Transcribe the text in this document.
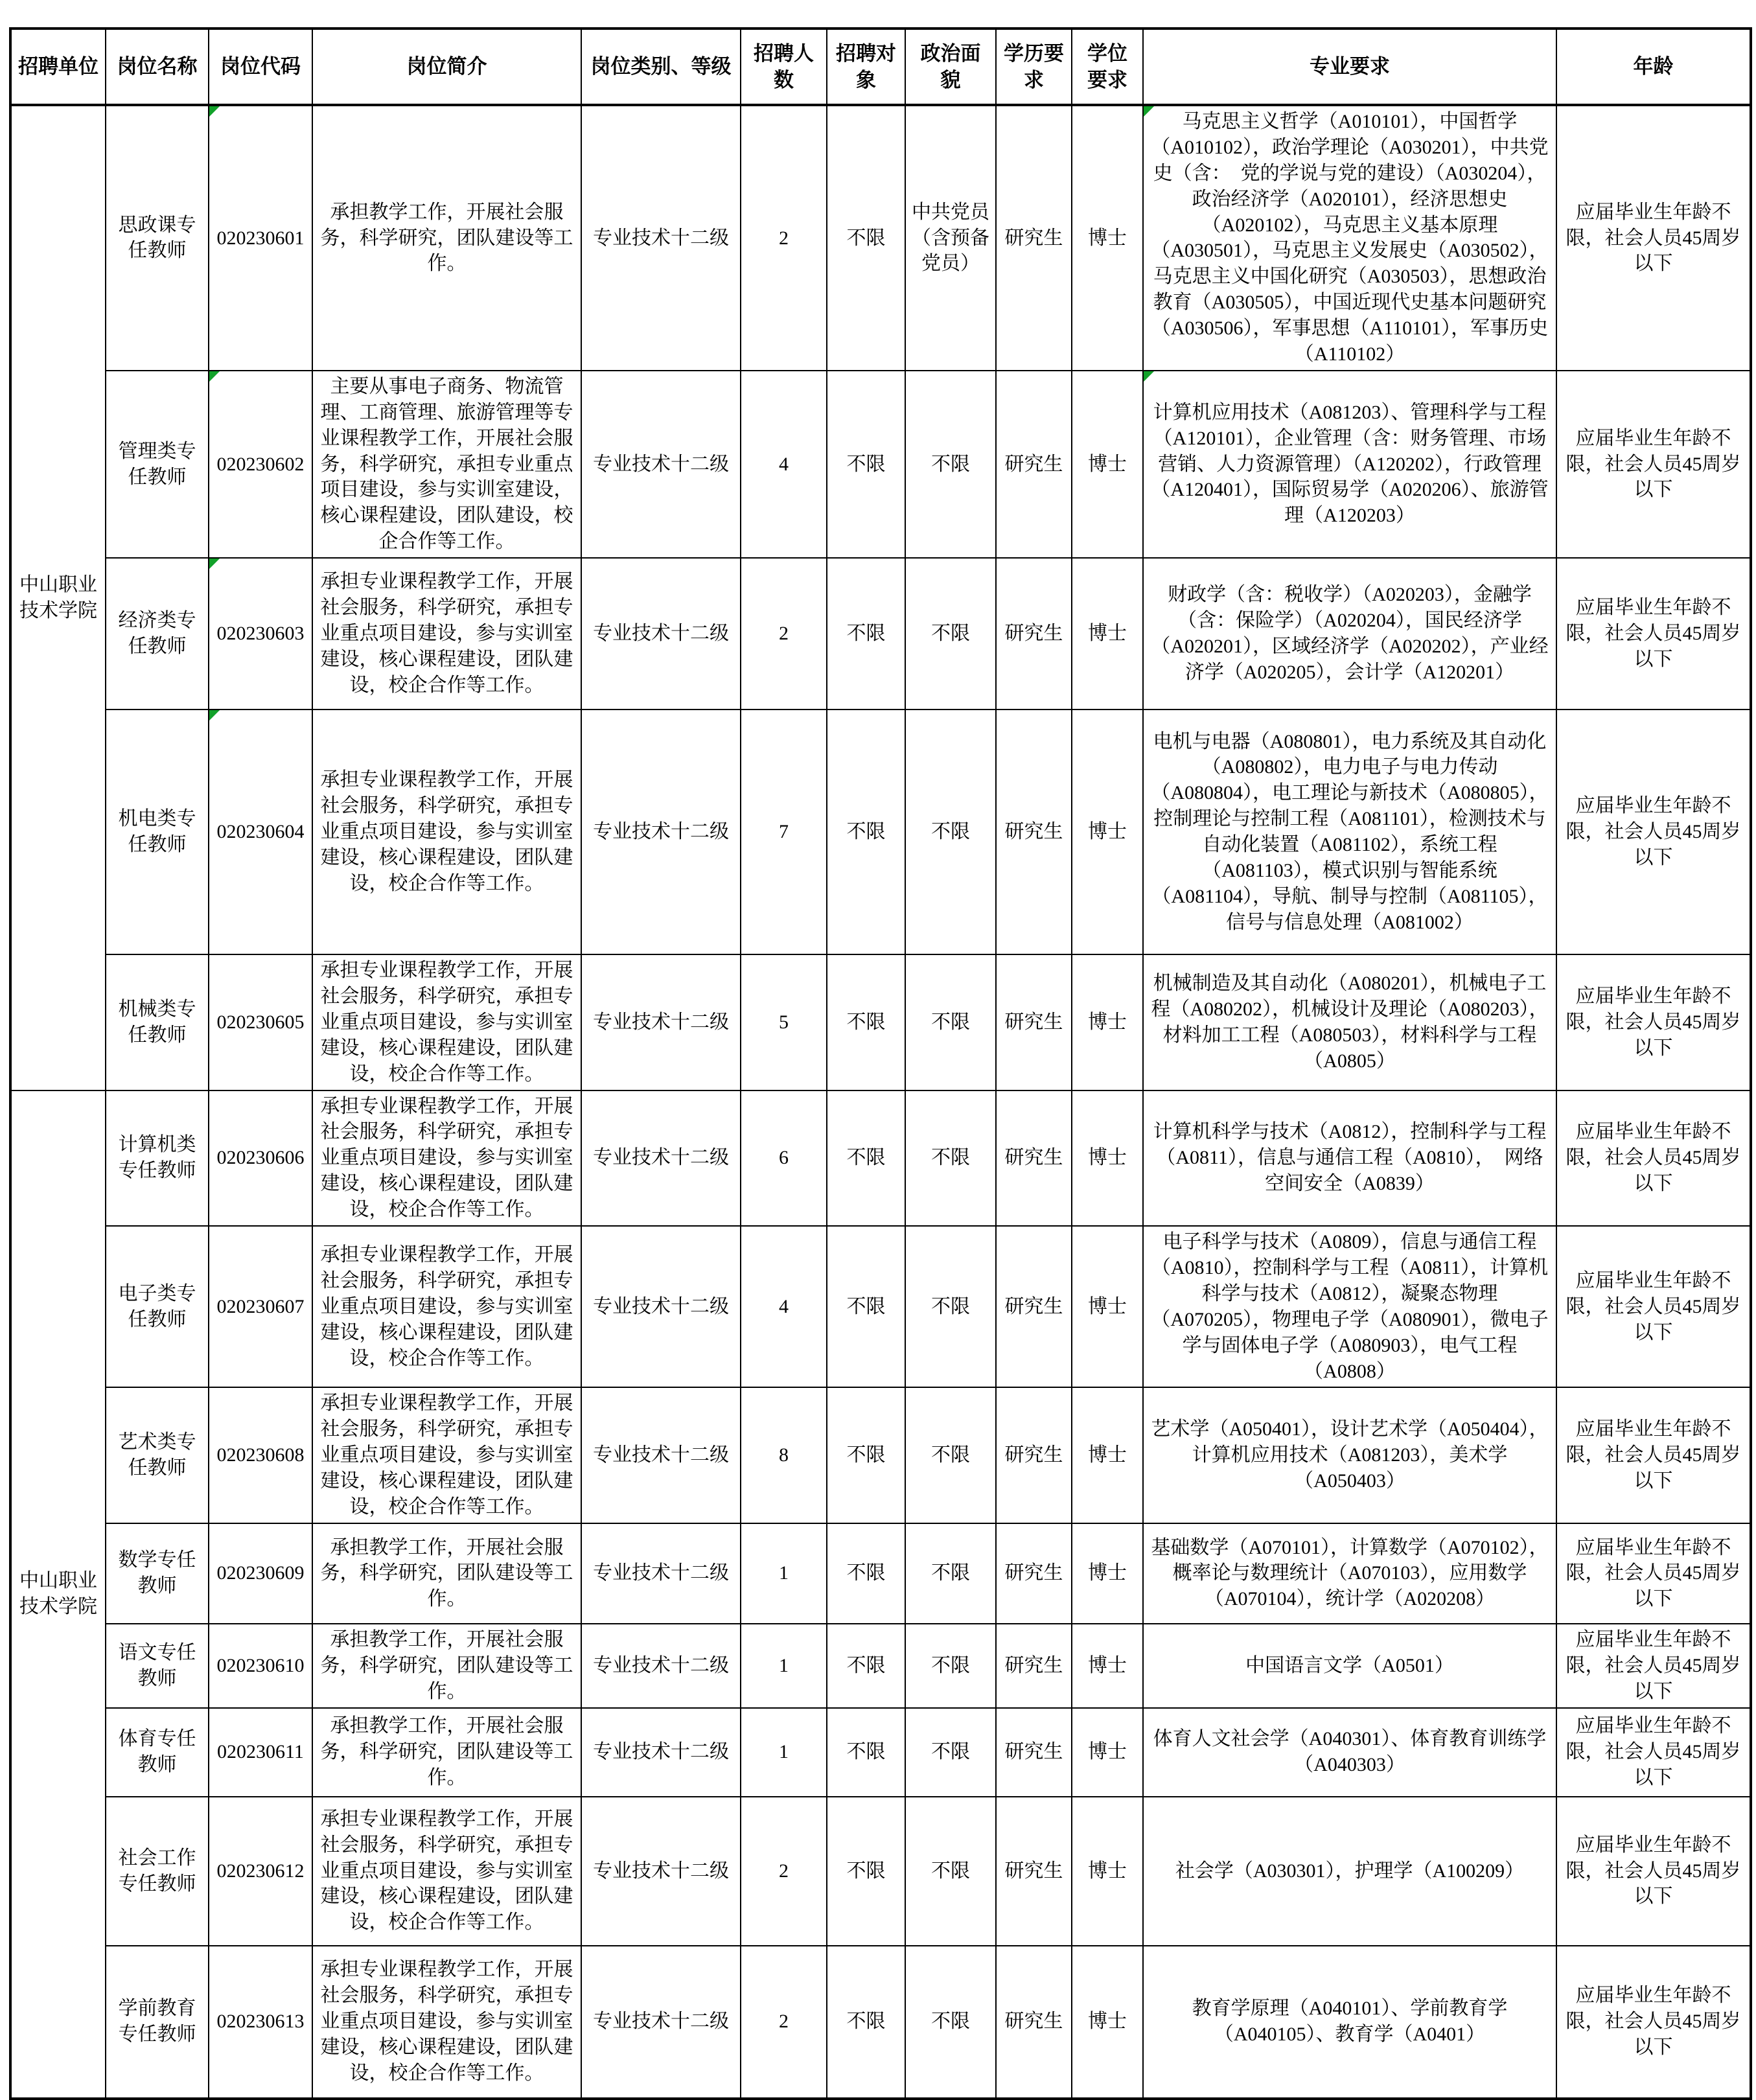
招聘单位	岗位名称	岗位代码	岗位简介	岗位类别、等级	招聘人数	招聘对象	政治面貌	学历要求	学位要求	专业要求	年龄
中山职业技术学院	思政课专任教师	020230601	承担教学工作，开展社会服务，科学研究，团队建设等工作。	专业技术十二级	2	不限	中共党员（含预备党员）	研究生	博士	马克思主义哲学（A010101），中国哲学（A010102），政治学理论（A030201），中共党史（含：　党的学说与党的建设）（A030204），政治经济学（A020101），经济思想史（A020102），马克思主义基本原理（A030501），马克思主义发展史（A030502），马克思主义中国化研究（A030503），思想政治教育（A030505），中国近现代史基本问题研究（A030506），军事思想（A110101），军事历史（A110102）	应届毕业生年龄不限，社会人员45周岁以下
	管理类专任教师	020230602	主要从事电子商务、物流管理、工商管理、旅游管理等专业课程教学工作，开展社会服务，科学研究，承担专业重点项目建设，参与实训室建设，核心课程建设，团队建设，校企合作等工作。	专业技术十二级	4	不限	不限	研究生	博士	计算机应用技术（A081203）、管理科学与工程（A120101），企业管理（含：财务管理、市场营销、人力资源管理）（A120202），行政管理（A120401），国际贸易学（A020206）、旅游管理（A120203）	应届毕业生年龄不限，社会人员45周岁以下
	经济类专任教师	020230603	承担专业课程教学工作，开展社会服务，科学研究，承担专业重点项目建设，参与实训室建设，核心课程建设，团队建设，校企合作等工作。	专业技术十二级	2	不限	不限	研究生	博士	财政学（含：税收学）（A020203），金融学（含：保险学）（A020204），国民经济学（A020201），区域经济学（A020202），产业经济学（A020205），会计学（A120201）	应届毕业生年龄不限，社会人员45周岁以下
	机电类专任教师	020230604	承担专业课程教学工作，开展社会服务，科学研究，承担专业重点项目建设，参与实训室建设，核心课程建设，团队建设，校企合作等工作。	专业技术十二级	7	不限	不限	研究生	博士	电机与电器（A080801），电力系统及其自动化（A080802），电力电子与电力传动（A080804），电工理论与新技术（A080805），控制理论与控制工程（A081101），检测技术与自动化装置（A081102），系统工程（A081103），模式识别与智能系统（A081104），导航、制导与控制（A081105），信号与信息处理（A081002）	应届毕业生年龄不限，社会人员45周岁以下
	机械类专任教师	020230605	承担专业课程教学工作，开展社会服务，科学研究，承担专业重点项目建设，参与实训室建设，核心课程建设，团队建设，校企合作等工作。	专业技术十二级	5	不限	不限	研究生	博士	机械制造及其自动化（A080201），机械电子工程（A080202），机械设计及理论（A080203），材料加工工程（A080503），材料科学与工程（A0805）	应届毕业生年龄不限，社会人员45周岁以下
中山职业技术学院	计算机类专任教师	020230606	承担专业课程教学工作，开展社会服务，科学研究，承担专业重点项目建设，参与实训室建设，核心课程建设，团队建设，校企合作等工作。	专业技术十二级	6	不限	不限	研究生	博士	计算机科学与技术（A0812），控制科学与工程（A0811），信息与通信工程（A0810），　网络空间安全（A0839）	应届毕业生年龄不限，社会人员45周岁以下
	电子类专任教师	020230607	承担专业课程教学工作，开展社会服务，科学研究，承担专业重点项目建设，参与实训室建设，核心课程建设，团队建设，校企合作等工作。	专业技术十二级	4	不限	不限	研究生	博士	电子科学与技术（A0809），信息与通信工程（A0810），控制科学与工程（A0811），计算机科学与技术（A0812），凝聚态物理（A070205），物理电子学（A080901），微电子学与固体电子学（A080903），电气工程（A0808）	应届毕业生年龄不限，社会人员45周岁以下
	艺术类专任教师	020230608	承担专业课程教学工作，开展社会服务，科学研究，承担专业重点项目建设，参与实训室建设，核心课程建设，团队建设，校企合作等工作。	专业技术十二级	8	不限	不限	研究生	博士	艺术学（A050401），设计艺术学（A050404），计算机应用技术（A081203），美术学（A050403）	应届毕业生年龄不限，社会人员45周岁以下
	数学专任教师	020230609	承担教学工作，开展社会服务，科学研究，团队建设等工作。	专业技术十二级	1	不限	不限	研究生	博士	基础数学（A070101），计算数学（A070102），概率论与数理统计（A070103），应用数学（A070104），统计学（A020208）	应届毕业生年龄不限，社会人员45周岁以下
	语文专任教师	020230610	承担教学工作，开展社会服务，科学研究，团队建设等工作。	专业技术十二级	1	不限	不限	研究生	博士	中国语言文学（A0501）	应届毕业生年龄不限，社会人员45周岁以下
	体育专任教师	020230611	承担教学工作，开展社会服务，科学研究，团队建设等工作。	专业技术十二级	1	不限	不限	研究生	博士	体育人文社会学（A040301）、体育教育训练学（A040303）	应届毕业生年龄不限，社会人员45周岁以下
	社会工作专任教师	020230612	承担专业课程教学工作，开展社会服务，科学研究，承担专业重点项目建设，参与实训室建设，核心课程建设，团队建设，校企合作等工作。	专业技术十二级	2	不限	不限	研究生	博士	社会学（A030301），护理学（A100209）	应届毕业生年龄不限，社会人员45周岁以下
	学前教育专任教师	020230613	承担专业课程教学工作，开展社会服务，科学研究，承担专业重点项目建设，参与实训室建设，核心课程建设，团队建设，校企合作等工作。	专业技术十二级	2	不限	不限	研究生	博士	教育学原理（A040101）、学前教育学（A040105）、教育学（A0401）	应届毕业生年龄不限，社会人员45周岁以下
